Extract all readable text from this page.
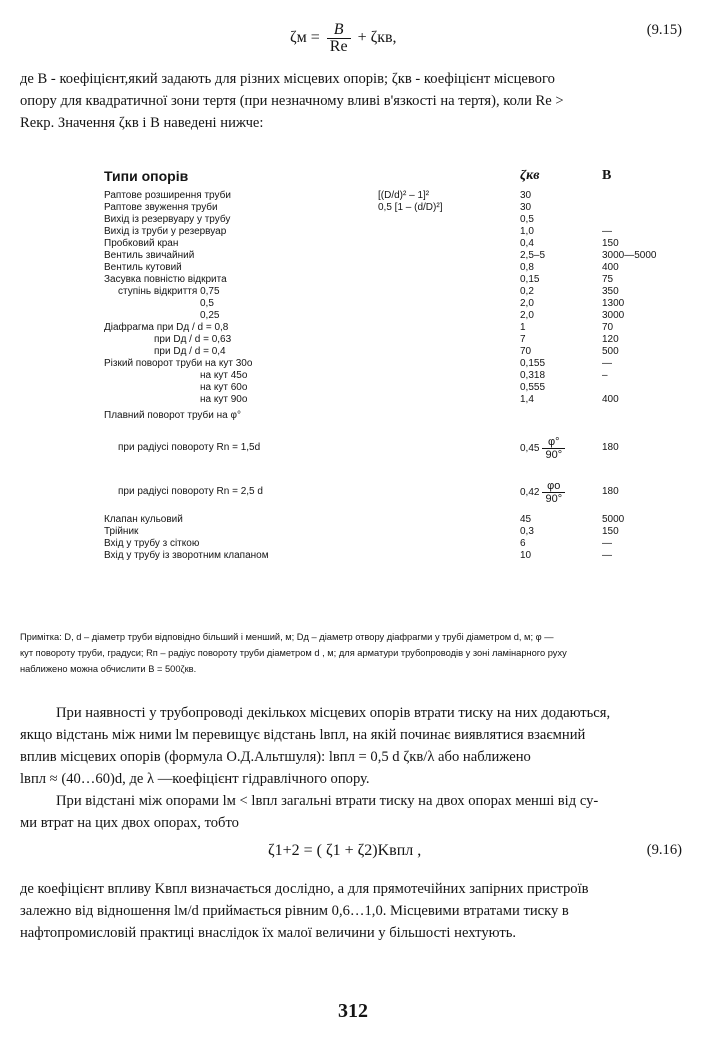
$\zeta м = \frac{B}{Re} + \zeta кв$,	(9.15)
де B - коефіцієнт,який задають для різних місцевих опорів; ζкв - коефіцієнт місцевого
опору для квадратичної зони тертя (при незначному вливі в'язкості на тертя), коли Re >
Reкр. Значення ζкв і B наведені нижче:
Типи опорів		ζкв	B
Раптове розширення труби	[(D/d)² – 1]²	30	
Раптове звуження труби	0,5 [1 – (d/D)²]	30	
Вихід із резервуару у трубу		0,5	
Вихід із труби у резервуар		1,0	—
Пробковий кран		0,4	150
Вентиль звичайний		2,5–5	3000—5000
Вентиль кутовий		0,8	400
Засувка повністю відкрита		0,15	75
ступінь відкриття 0,75		0,2	350
0,5		2,0	1300
0,25		2,0	3000
Діафрагма при Dд / d = 0,8		1	70
при Dд / d = 0,63		7	120
при Dд / d = 0,4		70	500
Різкий поворот труби на кут 30о		0,155	—
на кут 45о		0,318	–
на кут 60о		0,555	
на кут 90о		1,4	400
Плавний поворот труби на φ°			
при радіусі повороту Rn = 1,5d		$0,45 \frac{\varphi^\circ}{90^\circ}$	180
при радіусі повороту Rn = 2,5 d		$0,42 \frac{\varphi о}{90^\circ}$	180
Клапан кульовий		45	5000
Трійник		0,3	150
Вхід у трубу з сіткою		6	—
Вхід у трубу із зворотним клапаном		10	—
Примітка: D, d – діаметр труби відповідно більший і менший, м; Dд – діаметр отвору діафрагми у трубі діаметром d, м; φ —
кут повороту труби, градуси; Rп – радіус повороту труби діаметром d , м; для арматури трубопроводів у зоні ламінарного руху
наближено можна обчислити B = 500ζкв.
При наявності у трубопроводі декількох місцевих опорів втрати тиску на них додаються,
якщо відстань між ними lм перевищує відстань lвпл, на якій починає виявлятися взаємний
вплив місцевих опорів (формула О.Д.Альтшуля): lвпл = 0,5 d ζкв/λ або наближено
lвпл ≈ (40…60)d, де λ —коефіцієнт гідравлічного опору.
При відстані між опорами lм < lвпл загальні втрати тиску на двох опорах менші від су-
ми втрат на цих двох опорах, тобто
ζ1+2 = ( ζ1 + ζ2)Kвпл ,	(9.16)
де коефіцієнт впливу Kвпл визначається дослідно, а для прямотечійних запірних пристроїв
залежно від відношення lм/d приймається рівним 0,6…1,0. Місцевими втратами тиску в
нафтопромисловій практиці внаслідок їх малої величини у більшості нехтують.
312
